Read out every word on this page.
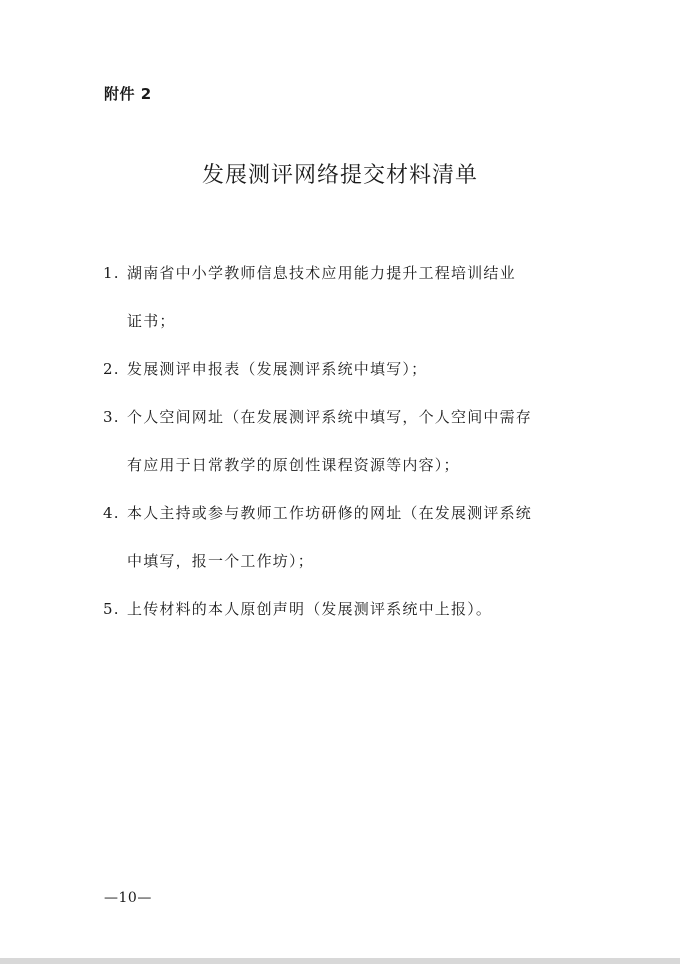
附件 2
发展测评网络提交材料清单
1. 湖南省中小学教师信息技术应用能力提升工程培训结业
证书；
2. 发展测评申报表（发展测评系统中填写）；
3. 个人空间网址（在发展测评系统中填写，个人空间中需存
有应用于日常教学的原创性课程资源等内容）；
4. 本人主持或参与教师工作坊研修的网址（在发展测评系统
中填写，报一个工作坊）；
5. 上传材料的本人原创声明（发展测评系统中上报）。
—10—
